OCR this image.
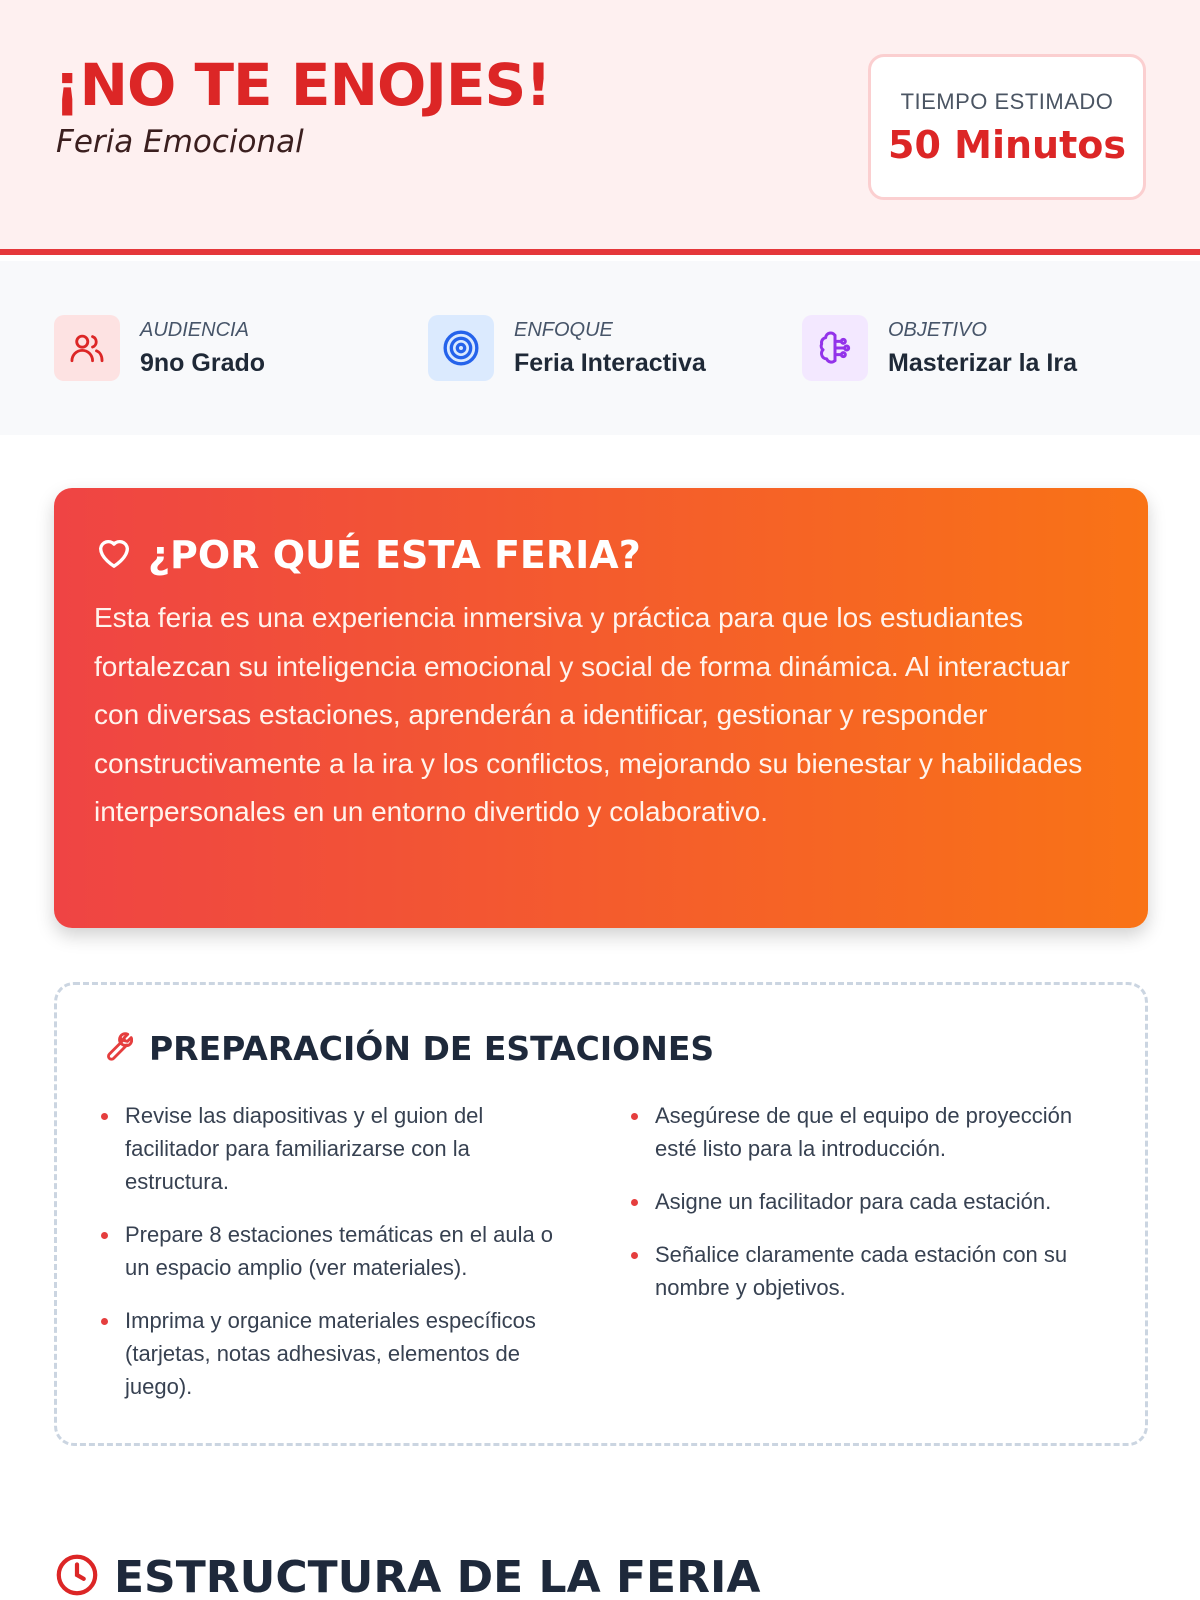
¡NO TE ENOJES!
Feria Emocional
TIEMPO ESTIMADO
50 Minutos
AUDIENCIA
9no Grado
ENFOQUE
Feria Interactiva
OBJETIVO
Masterizar la Ira
¿POR QUÉ ESTA FERIA?

Esta feria es una experiencia inmersiva y práctica para que los estudiantes fortalezcan su inteligencia emocional y social de forma dinámica. Al interactuar con diversas estaciones, aprenderán a identificar, gestionar y responder constructivamente a la ira y los conflictos, mejorando su bienestar y habilidades interpersonales en un entorno divertido y colaborativo.

PREPARACIÓN DE ESTACIONES
Revise las diapositivas y el guion del facilitador para familiarizarse con la estructura.
Prepare 8 estaciones temáticas en el aula o un espacio amplio (ver materiales).
Imprima y organice materiales específicos (tarjetas, notas adhesivas, elementos de juego).
Asegúrese de que el equipo de proyección esté listo para la introducción.
Asigne un facilitador para cada estación.
Señalice claramente cada estación con su nombre y objetivos.
ESTRUCTURA DE LA FERIA
